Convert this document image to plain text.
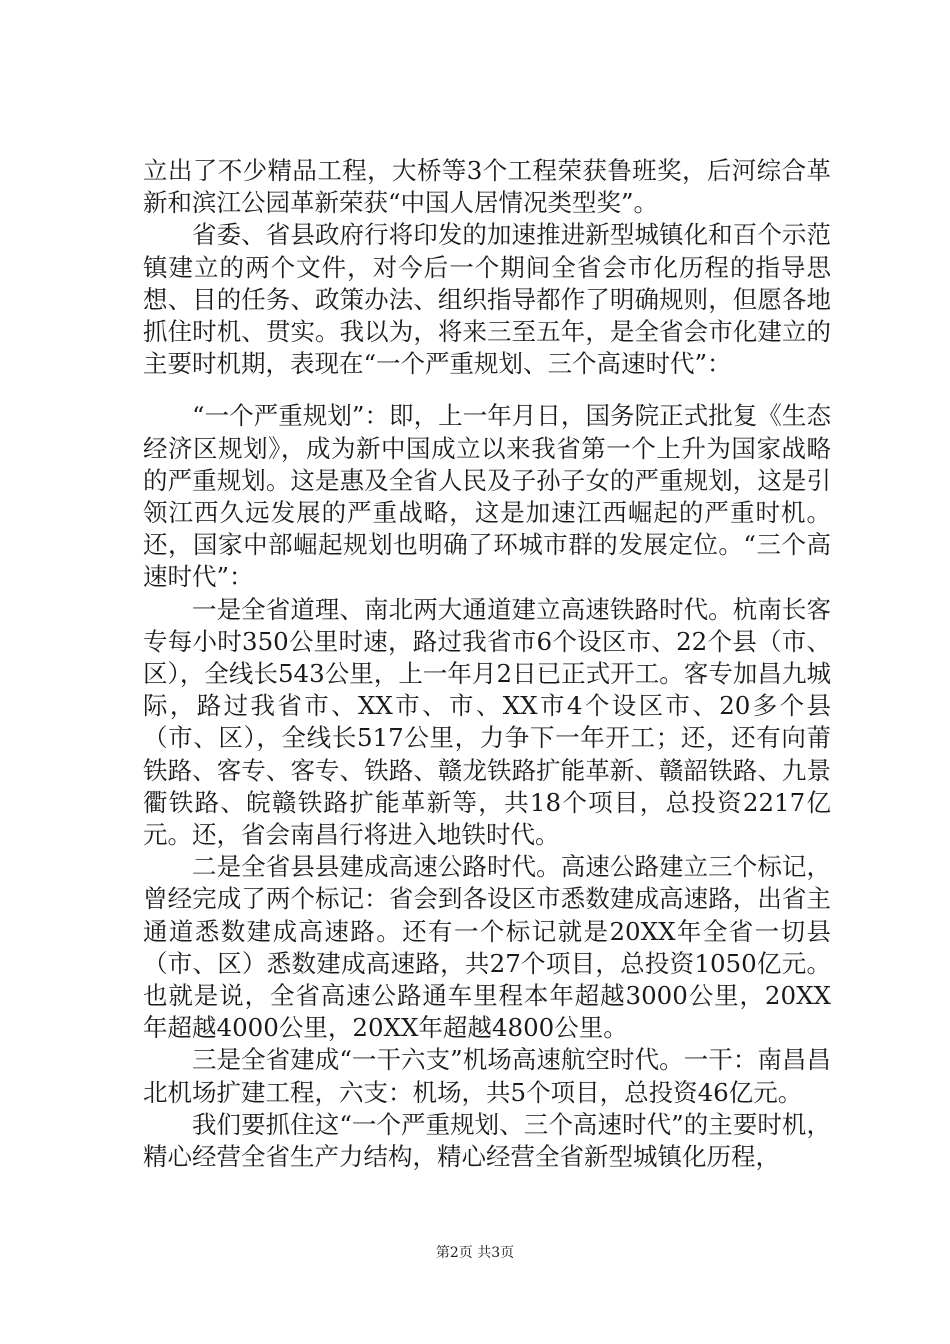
立出了不少精品工程，大桥等3个工程荣获鲁班奖，后河综合革新和滨江公园革新荣获“中国人居情况类型奖”。

省委、省县政府行将印发的加速推进新型城镇化和百个示范镇建立的两个文件，对今后一个期间全省会市化历程的指导思想、目的任务、政策办法、组织指导都作了明确规则，但愿各地抓住时机、贯实。我以为，将来三至五年，是全省会市化建立的主要时机期，表现在“一个严重规划、三个高速时代”：

“一个严重规划”：即，上一年月日，国务院正式批复《生态经济区规划》，成为新中国成立以来我省第一个上升为国家战略的严重规划。这是惠及全省人民及子孙子女的严重规划，这是引领江西久远发展的严重战略，这是加速江西崛起的严重时机。还，国家中部崛起规划也明确了环城市群的发展定位。“三个高速时代”：

一是全省道理、南北两大通道建立高速铁路时代。杭南长客专每小时350公里时速，路过我省市6个设区市、22个县（市、区），全线长543公里，上一年月2日已正式开工。客专加昌九城际，路过我省市、XX市、市、XX市4个设区市、20多个县（市、区），全线长517公里，力争下一年开工；还，还有向莆铁路、客专、客专、铁路、赣龙铁路扩能革新、赣韶铁路、九景衢铁路、皖赣铁路扩能革新等，共18个项目，总投资2217亿元。还，省会南昌行将进入地铁时代。

二是全省县县建成高速公路时代。高速公路建立三个标记，曾经完成了两个标记：省会到各设区市悉数建成高速路，出省主通道悉数建成高速路。还有一个标记就是20XX年全省一切县（市、区）悉数建成高速路，共27个项目，总投资1050亿元。也就是说，全省高速公路通车里程本年超越3000公里，20XX年超越4000公里，20XX年超越4800公里。

三是全省建成“一干六支”机场高速航空时代。一干：南昌昌北机场扩建工程，六支：机场，共5个项目，总投资46亿元。

我们要抓住这“一个严重规划、三个高速时代”的主要时机，精心经营全省生产力结构，精心经营全省新型城镇化历程，

第2页 共3页
